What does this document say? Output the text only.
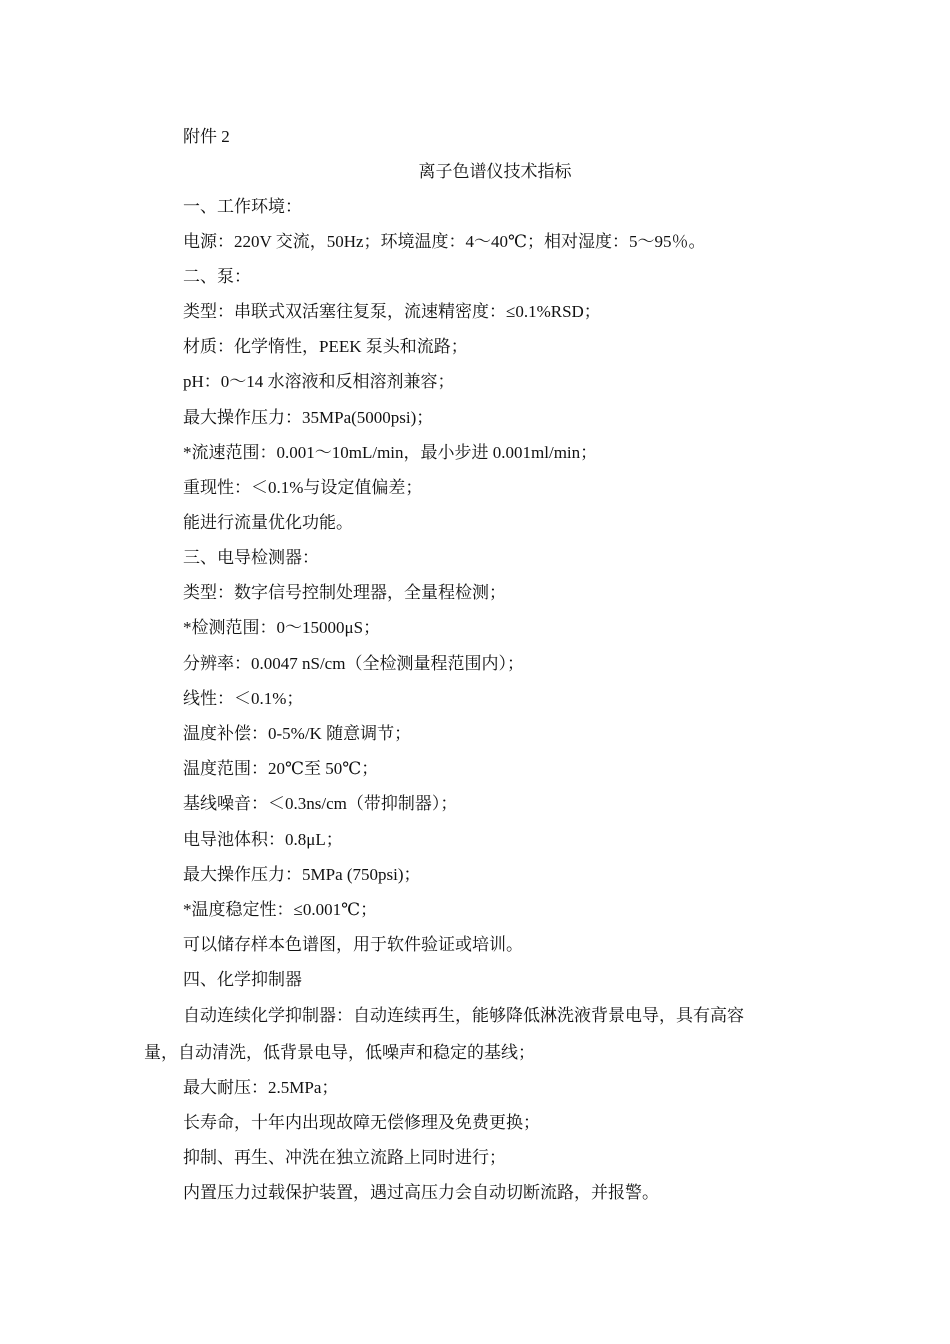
附件 2
离子色谱仪技术指标
一、工作环境：
电源：220V 交流，50Hz；环境温度：4～40℃；相对湿度：5～95％。
二、泵：
类型：串联式双活塞往复泵，流速精密度：≤0.1%RSD；
材质：化学惰性，PEEK 泵头和流路；
pH：0～14 水溶液和反相溶剂兼容；
最大操作压力：35MPa(5000psi)；
*流速范围：0.001～10mL/min，最小步进 0.001ml/min；
重现性：＜0.1%与设定值偏差；
能进行流量优化功能。
三、电导检测器：
类型：数字信号控制处理器，全量程检测；
*检测范围：0～15000μS；
分辨率：0.0047 nS/cm（全检测量程范围内）；
线性：＜0.1%；
温度补偿：0-5%/K 随意调节；
温度范围：20℃至 50℃；
基线噪音：＜0.3ns/cm（带抑制器）；
电导池体积：0.8μL；
最大操作压力：5MPa (750psi)；
*温度稳定性：≤0.001℃；
可以储存样本色谱图，用于软件验证或培训。
四、化学抑制器
自动连续化学抑制器：自动连续再生，能够降低淋洗液背景电导，具有高容
量，自动清洗，低背景电导，低噪声和稳定的基线；
最大耐压：2.5MPa；
长寿命，十年内出现故障无偿修理及免费更换；
抑制、再生、冲洗在独立流路上同时进行；
内置压力过载保护装置，遇过高压力会自动切断流路，并报警。
